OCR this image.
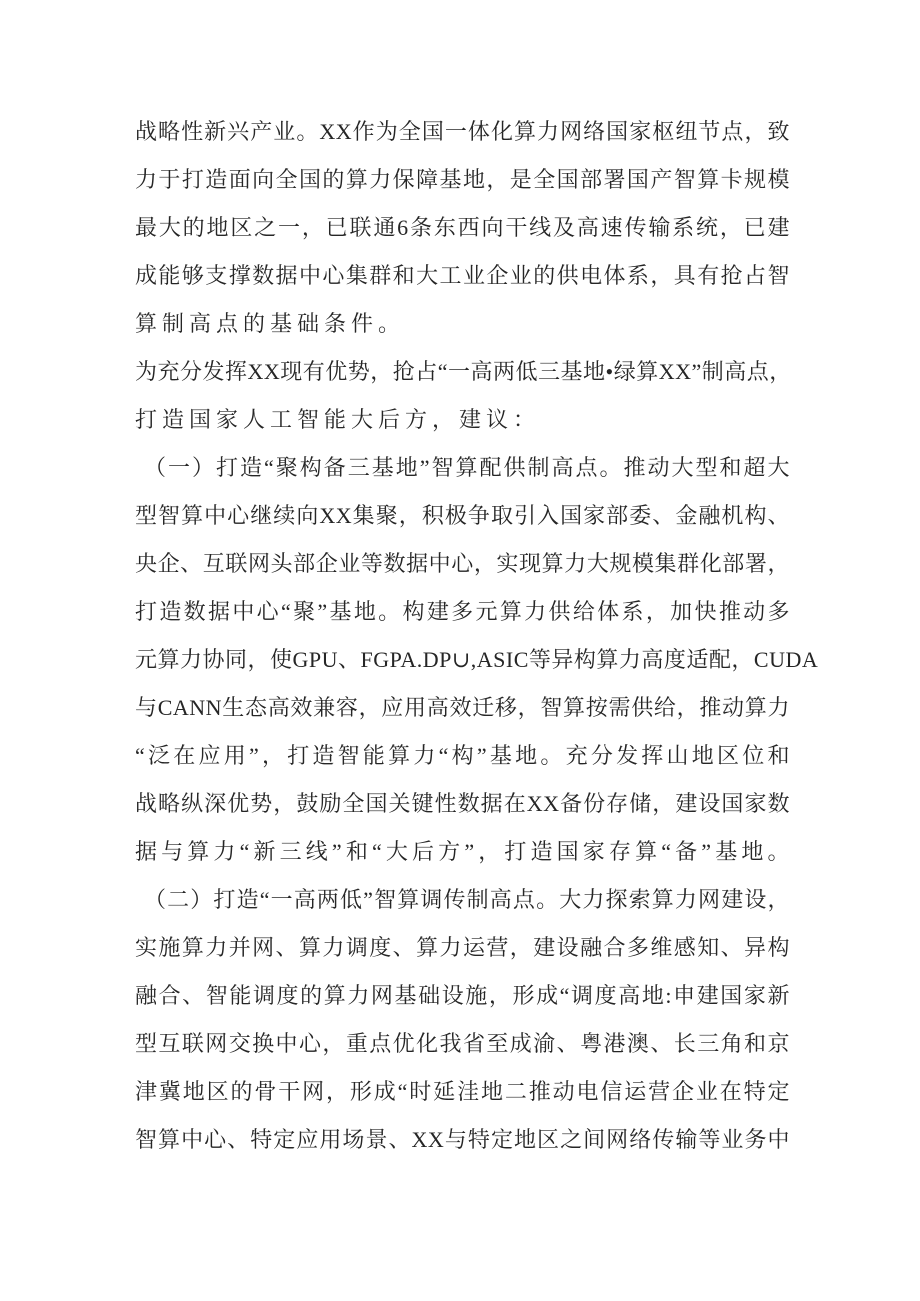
战略性新兴产业。XX作为全国一体化算力网络国家枢纽节点，致
力于打造面向全国的算力保障基地，是全国部署国产智算卡规模
最大的地区之一，已联通6条东西向干线及高速传输系统，已建
成能够支撑数据中心集群和大工业企业的供电体系，具有抢占智
算制高点的基础条件。
为充分发挥XX现有优势，抢占“一高两低三基地•绿算XX”制高点，
打造国家人工智能大后方，建议：
（一）打造“聚构备三基地”智算配供制高点。推动大型和超大
型智算中心继续向XX集聚，积极争取引入国家部委、金融机构、
央企、互联网头部企业等数据中心，实现算力大规模集群化部署，
打造数据中心“聚”基地。构建多元算力供给体系，加快推动多
元算力协同，使GPU、FGPA.DP∪,ASIC等异构算力高度适配，CUDA
与CANN生态高效兼容，应用高效迁移，智算按需供给，推动算力
“泛在应用”，打造智能算力“构”基地。充分发挥山地区位和
战略纵深优势，鼓励全国关键性数据在XX备份存储，建设国家数
据与算力“新三线”和“大后方”，打造国家存算“备”基地。
（二）打造“一高两低”智算调传制高点。大力探索算力网建设，
实施算力并网、算力调度、算力运营，建设融合多维感知、异构
融合、智能调度的算力网基础设施，形成“调度高地:申建国家新
型互联网交换中心，重点优化我省至成渝、粤港澳、长三角和京
津冀地区的骨干网，形成“时延洼地二推动电信运营企业在特定
智算中心、特定应用场景、XX与特定地区之间网络传输等业务中
